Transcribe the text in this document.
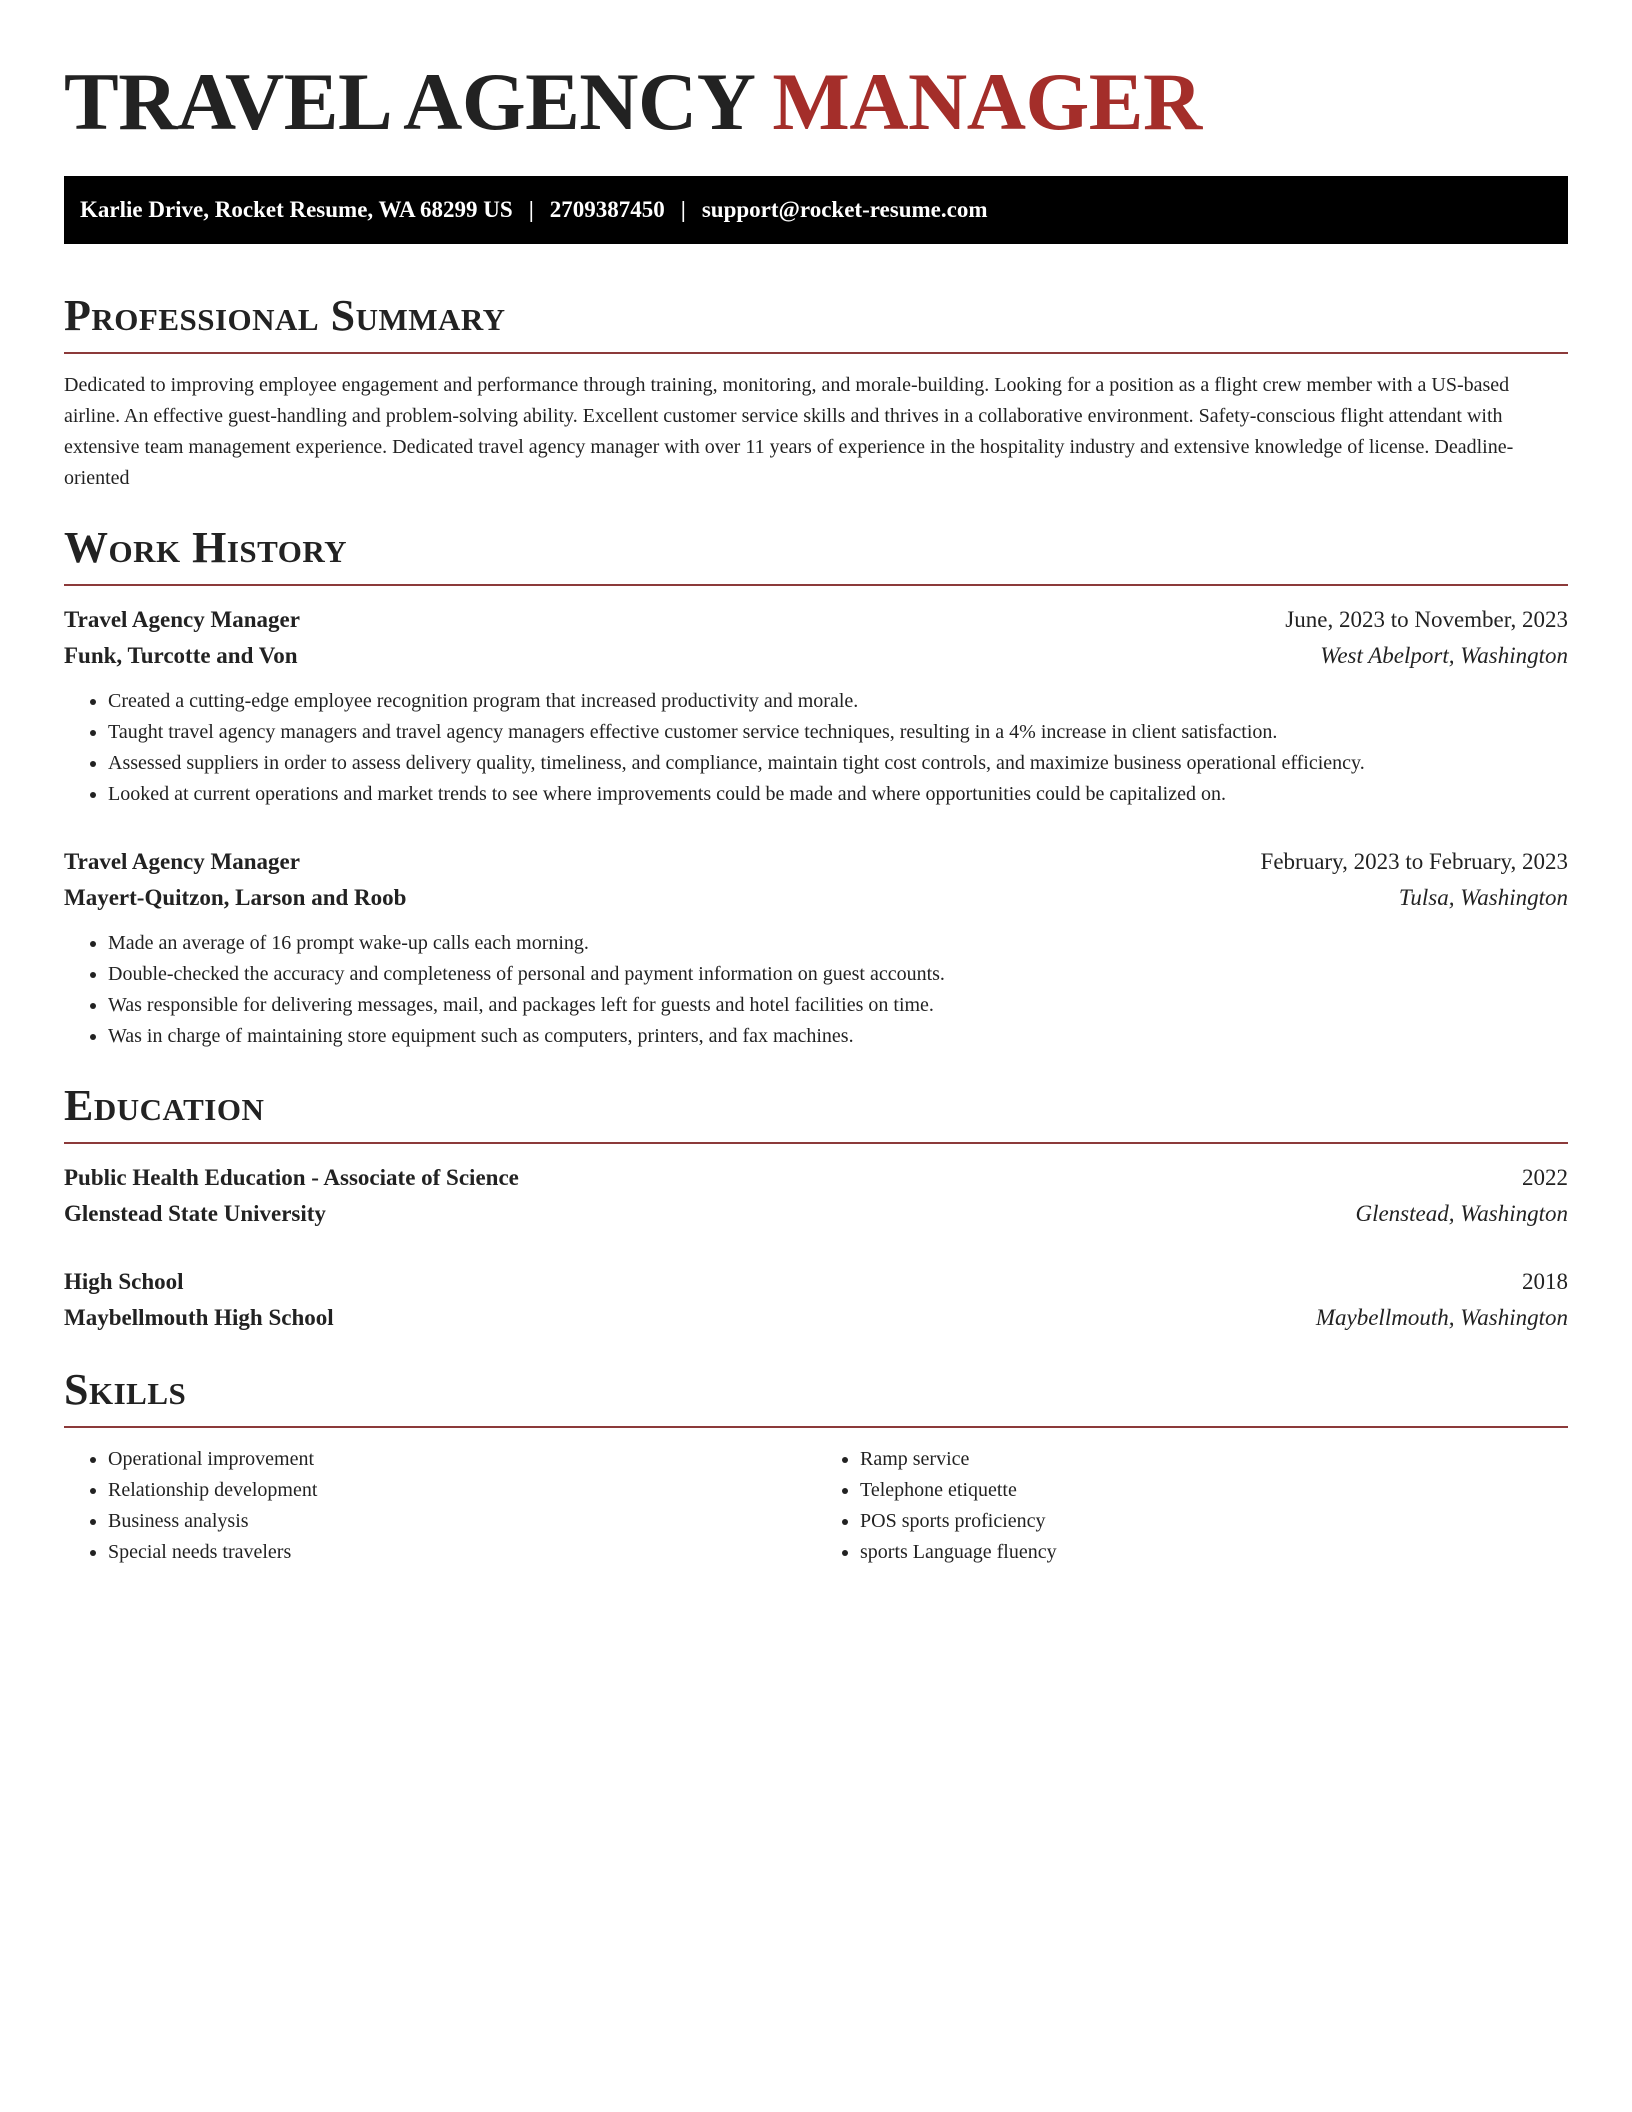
TRAVEL AGENCY MANAGER
Karlie Drive, Rocket Resume, WA 68299 US | 2709387450 | support@rocket-resume.com
Professional Summary

Dedicated to improving employee engagement and performance through training, monitoring, and morale-building. Looking for a position as a flight crew member with a US-based airline. An effective guest-handling and problem-solving ability. Excellent customer service skills and thrives in a collaborative environment. Safety-conscious flight attendant with extensive team management experience. Dedicated travel agency manager with over 11 years of experience in the hospitality industry and extensive knowledge of license. Deadline-oriented

Work History
Travel Agency Manager	June, 2023 to November, 2023
Funk, Turcotte and Von	West Abelport, Washington
• Created a cutting-edge employee recognition program that increased productivity and morale.
• Taught travel agency managers and travel agency managers effective customer service techniques, resulting in a 4% increase in client satisfaction.
• Assessed suppliers in order to assess delivery quality, timeliness, and compliance, maintain tight cost controls, and maximize business operational efficiency.
• Looked at current operations and market trends to see where improvements could be made and where opportunities could be capitalized on.
Travel Agency Manager	February, 2023 to February, 2023
Mayert-Quitzon, Larson and Roob	Tulsa, Washington
• Made an average of 16 prompt wake-up calls each morning.
• Double-checked the accuracy and completeness of personal and payment information on guest accounts.
• Was responsible for delivering messages, mail, and packages left for guests and hotel facilities on time.
• Was in charge of maintaining store equipment such as computers, printers, and fax machines.
Education
Public Health Education - Associate of Science	2022
Glenstead State University	Glenstead, Washington
High School	2018
Maybellmouth High School	Maybellmouth, Washington
Skills
• Operational improvement
• Relationship development
• Business analysis
• Special needs travelers
• Ramp service
• Telephone etiquette
• POS sports proficiency
• sports Language fluency
